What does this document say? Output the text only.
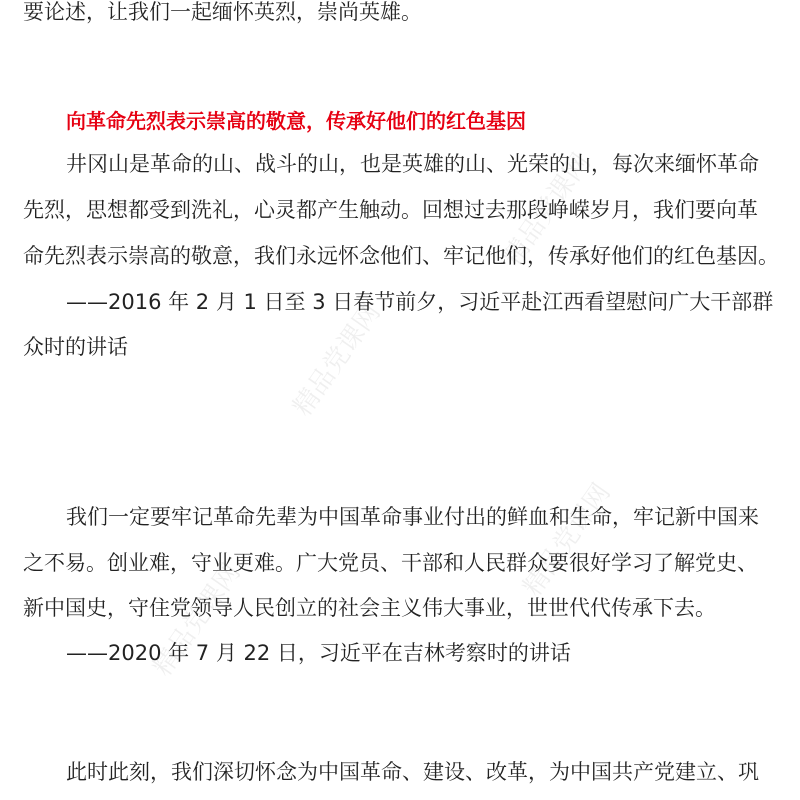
要论述，让我们一起缅怀英烈，崇尚英雄。
向革命先烈表示崇高的敬意，传承好他们的红色基因
井冈山是革命的山、战斗的山，也是英雄的山、光荣的山，每次来缅怀革命
先烈，思想都受到洗礼，心灵都产生触动。回想过去那段峥嵘岁月，我们要向革
命先烈表示崇高的敬意，我们永远怀念他们、牢记他们，传承好他们的红色基因。
——2016 年 2 月 1 日至 3 日春节前夕，习近平赴江西看望慰问广大干部群
众时的讲话
我们一定要牢记革命先辈为中国革命事业付出的鲜血和生命，牢记新中国来
之不易。创业难，守业更难。广大党员、干部和人民群众要很好学习了解党史、
新中国史，守住党领导人民创立的社会主义伟大事业，世世代代传承下去。
——2020 年 7 月 22 日，习近平在吉林考察时的讲话
此时此刻，我们深切怀念为中国革命、建设、改革，为中国共产党建立、巩
精品党课网
精品党课网
精品党课网
精品党课网
